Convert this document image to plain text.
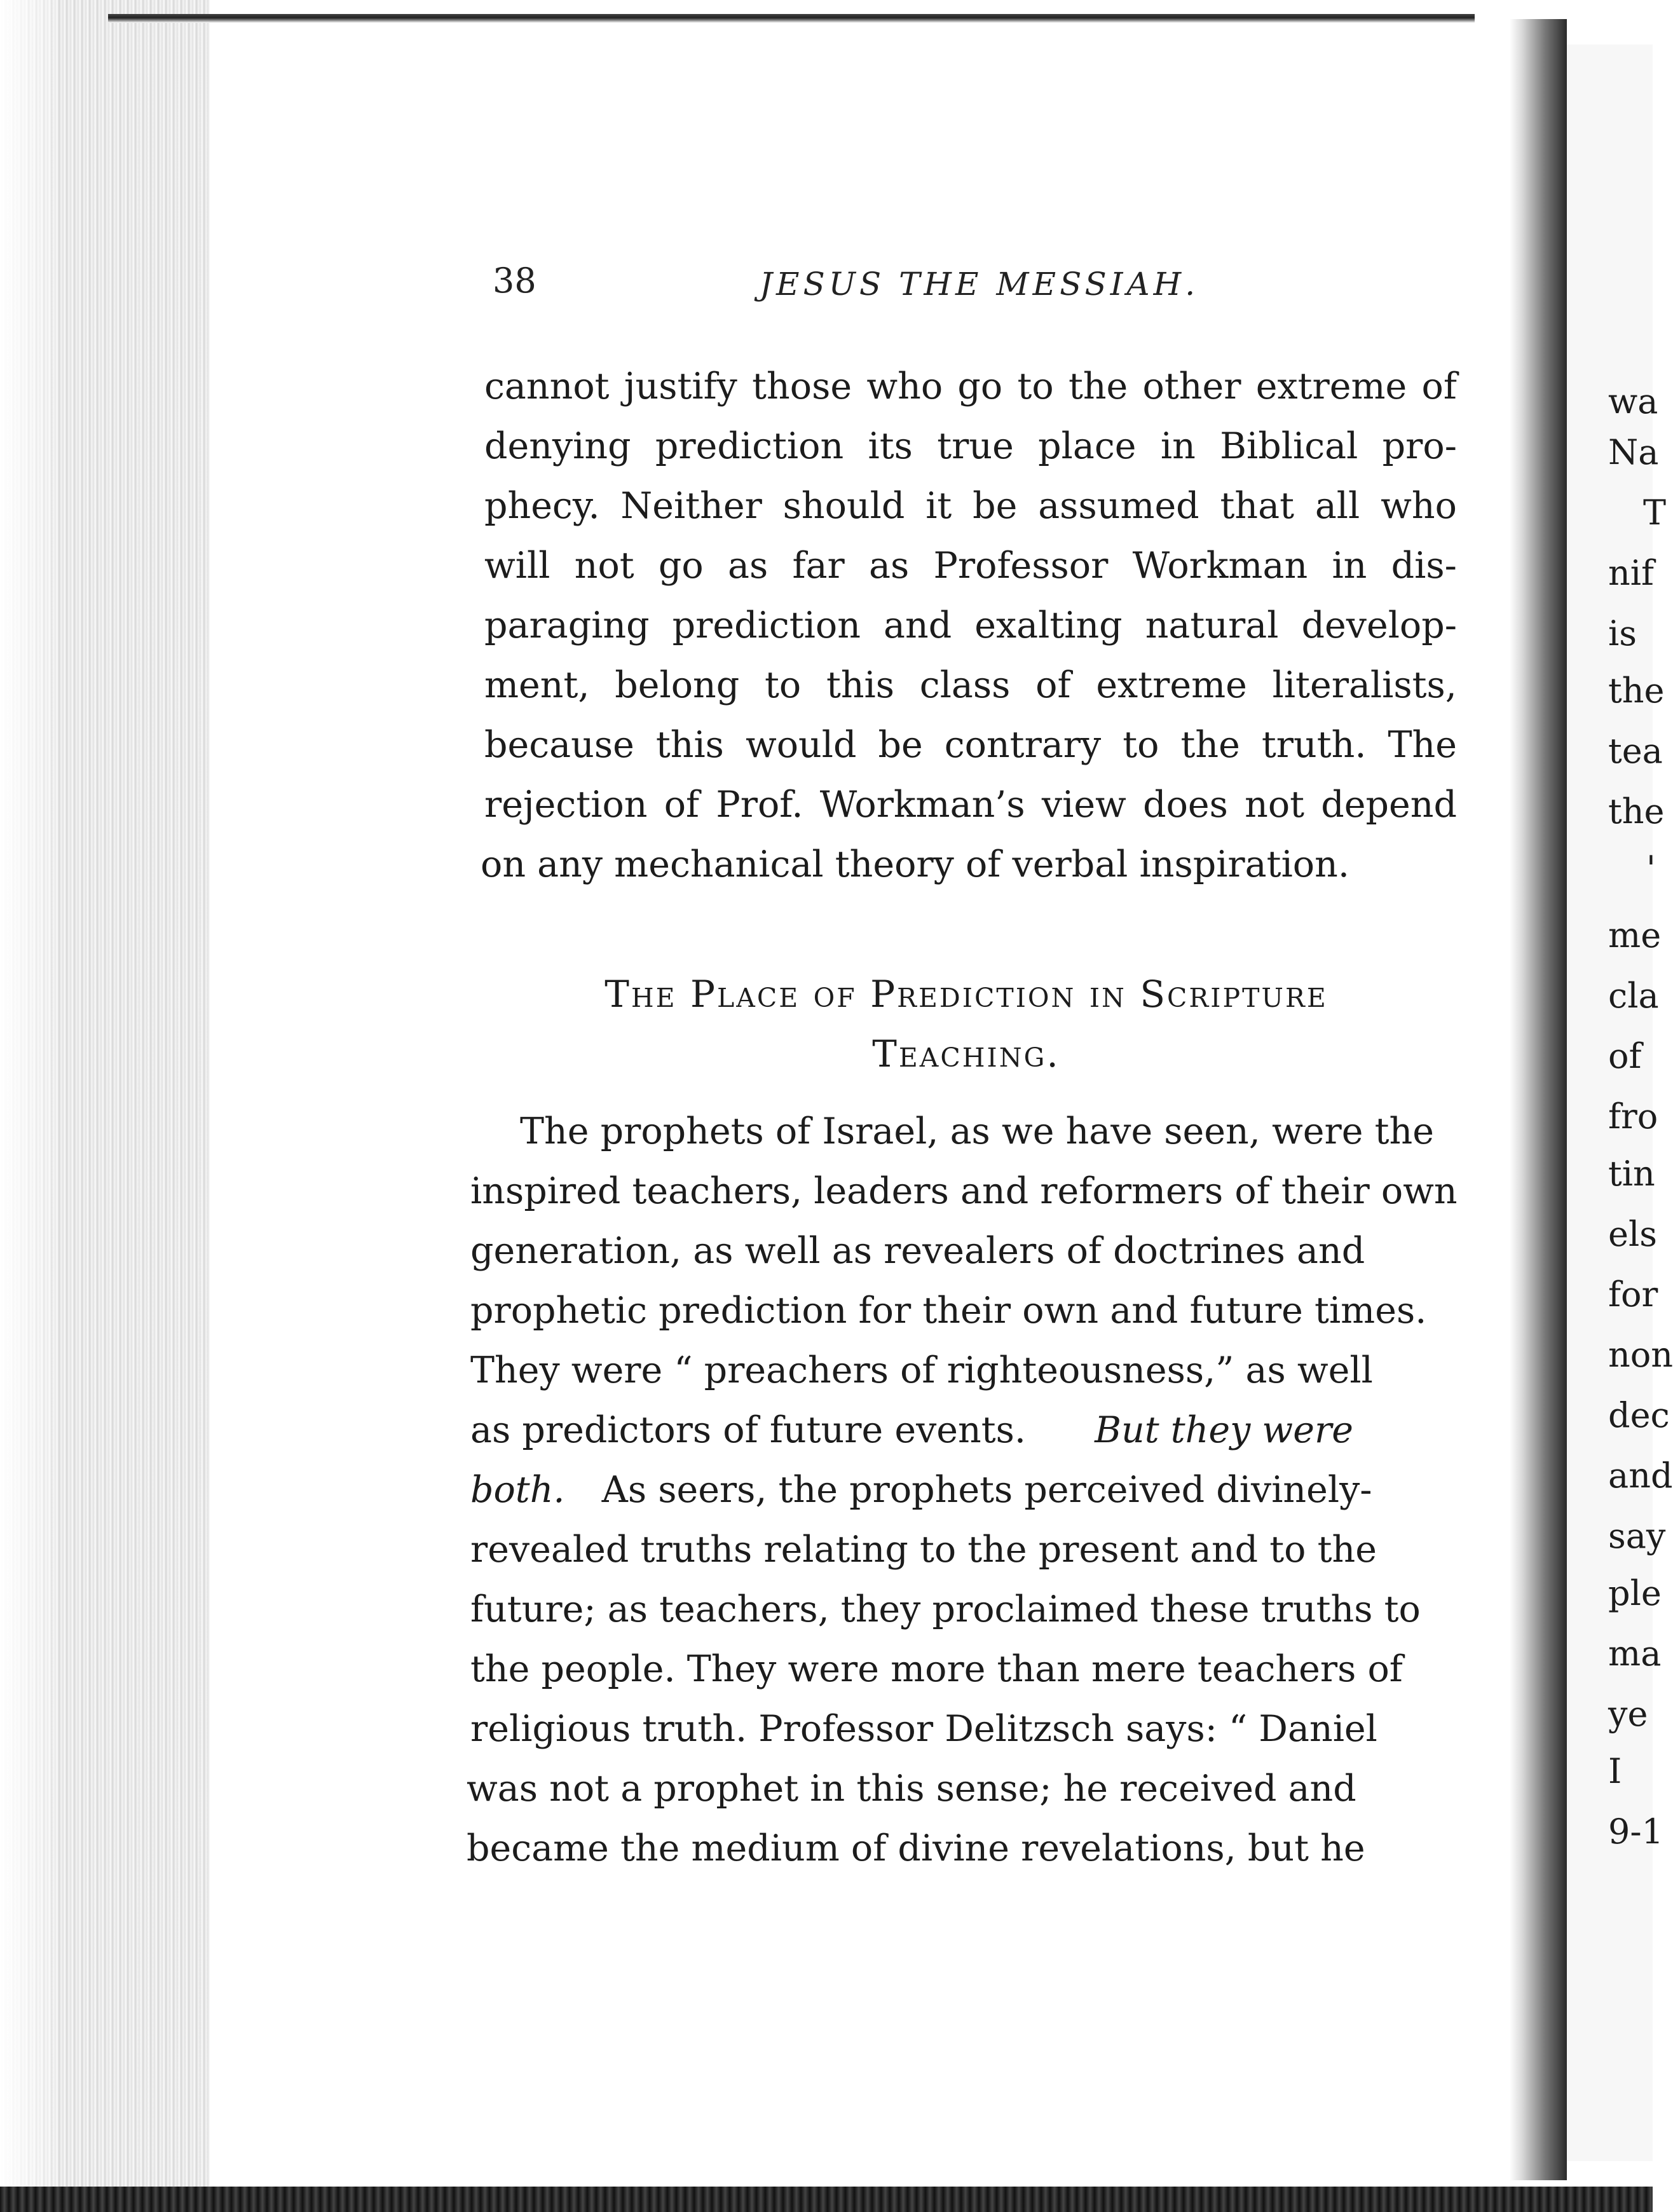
38	JESUS THE MESSIAH.

cannot justify those who go to the other extreme of

denying prediction its true place in Biblical pro-

phecy. Neither should it be assumed that all who

will not go as far as Professor Workman in dis-

paraging prediction and exalting natural develop-

ment, belong to this class of extreme literalists,

because this would be contrary to the truth. The

rejection of Prof. Workman’s view does not depend

on any mechanical theory of verbal inspiration.

The Place of Prediction in Scripture

Teaching.

The prophets of Israel, as we have seen, were the

inspired teachers, leaders and reformers of their own

generation, as well as revealers of doctrines and

prophetic prediction for their own and future times.

They were “ preachers of righteousness,” as well

as predictors of future events. But they were

both. As seers, the prophets perceived divinely-

revealed truths relating to the present and to the

future; as teachers, they proclaimed these truths to

the people. They were more than mere teachers of

religious truth. Professor Delitzsch says: “ Daniel

was not a prophet in this sense; he received and

became the medium of divine revelations, but he

wa

Na

T

nif

is

the

tea

the

'

me

cla

of

fro

tin

els

for

non

dec

and

say

ple

ma

ye

I

9-1
